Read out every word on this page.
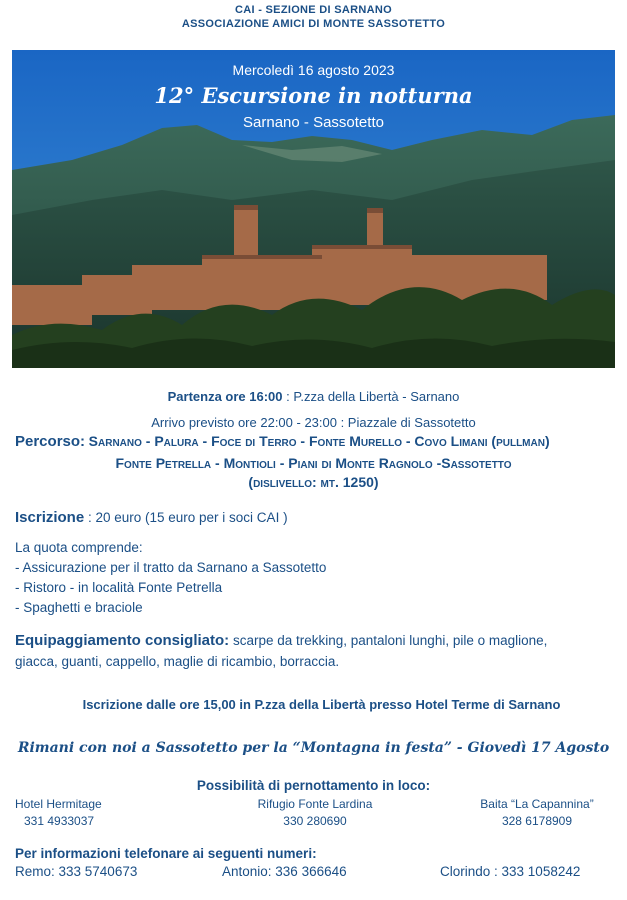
CAI - SEZIONE DI SARNANO
ASSOCIAZIONE AMICI DI MONTE SASSOTETTO
Mercoledì 16 agosto 2023
12° Escursione in notturna
Sarnano - Sassotetto
Partenza ore 16:00 : P.zza della Libertà - Sarnano
Arrivo previsto ore 22:00 - 23:00 : Piazzale di Sassotetto
Percorso: Sarnano - Palura - Foce di Terro - Fonte Murello - Covo Limani (pullman)
Fonte Petrella - Montioli - Piani di Monte Ragnolo -Sassotetto
(dislivello: mt. 1250)
Iscrizione : 20 euro (15 euro per i soci CAI )
La quota comprende:
- Assicurazione per il tratto da Sarnano a Sassotetto
- Ristoro - in località Fonte Petrella
- Spaghetti e braciole
Equipaggiamento consigliato: scarpe da trekking, pantaloni lunghi, pile o maglione,
giacca, guanti, cappello, maglie di ricambio, borraccia.
Iscrizione dalle ore 15,00 in P.zza della Libertà presso Hotel Terme di Sarnano
Rimani con noi a Sassotetto per la “Montagna in festa” - Giovedì 17 Agosto
Possibilità di pernottamento in loco:
Hotel Hermitage
331 4933037
Rifugio Fonte Lardina
330 280690
Baita “La Capannina”
328 6178909
Per informazioni telefonare ai seguenti numeri:
Remo: 333 5740673	Antonio: 336 366646	Clorindo : 333 1058242
